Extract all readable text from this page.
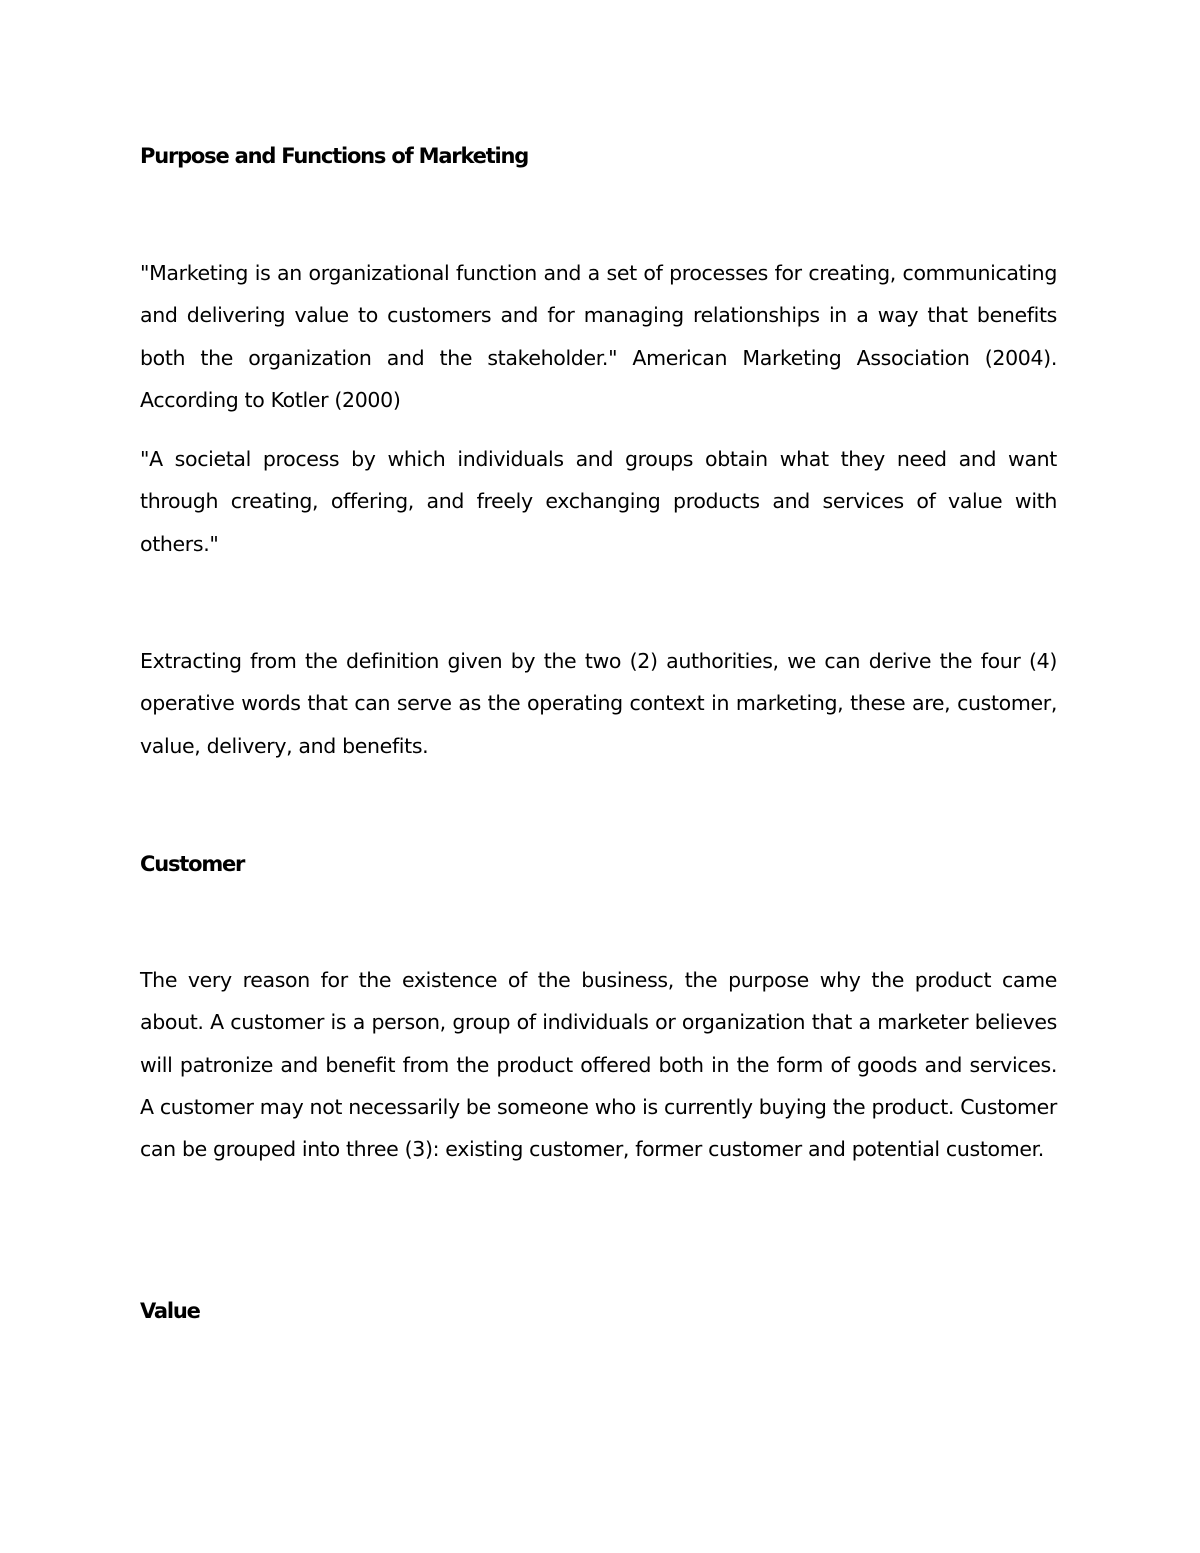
Purpose and Functions of Marketing

"Marketing is an organizational function and a set of processes for creating, communicating and delivering value to customers and for managing relationships in a way that benefits both the organization and the stakeholder." American Marketing Association (2004). According to Kotler (2000)

"A societal process by which individuals and groups obtain what they need and want through creating, offering, and freely exchanging products and services of value with others."

Extracting from the definition given by the two (2) authorities, we can derive the four (4) operative words that can serve as the operating context in marketing, these are, customer, value, delivery, and benefits.

Customer

The very reason for the existence of the business, the purpose why the product came about. A customer is a person, group of individuals or organization that a marketer believes will patronize and benefit from the product offered both in the form of goods and services. A customer may not necessarily be someone who is currently buying the product. Customer can be grouped into three (3): existing customer, former customer and potential customer.

Value
